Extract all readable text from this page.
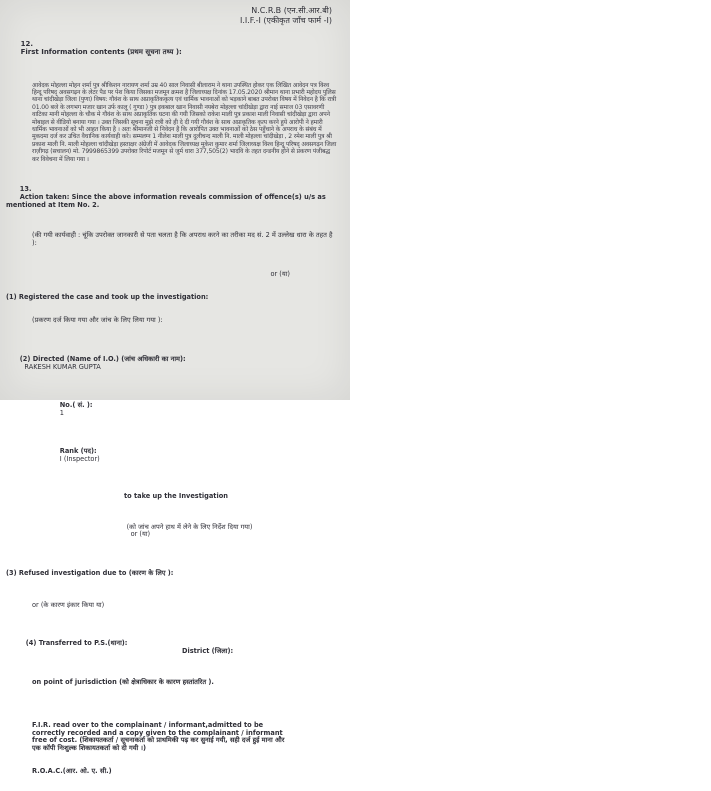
N.C.R.B (एन.सी.आर.बी)
I.I.F.-I (एकीकृत जाँच फार्म -I)

12.
First Information contents (प्रथम सूचना तथ्य ):

आवेदक मोहल्ला मोहन शर्मा पुत्र श्रीकिशन नारायण शर्मा उम्र 40 साल निवासी बीलाराम ने थाना उपस्थित होकर एक लिखित आवेदन पत्र विश्व हिन्दू परिषद् अवसगढ़न के लेटर पैड पर पेश किया जिसका मजमून क्रमश है जिलाध्यक्ष दिनांक 17.05.2020 श्रीमान थाना प्रभारी महोदय पुलिस थाना चांदीखेड़ा जिला (पुणा) विषय: गौवंश के साथ अप्राकृतिककृत्य एवं धार्मिक भावनाओं को भड़काने बाबत उपरोक्त विषय में निवेदन है कि रात्री 01.00 बजे के लगभग मजार खान उर्फ कालू ( गुण्डा ) पुत्र इकबाल खान निवासी नयबेरा मोहल्ला चांदीखेड़ा द्वारा नाई समाज 03 एसावरणी वाटिका मानी मोहल्ला के चौक मे गौवंश के साथ अप्राकृतिक घटना की गयी जिसको राकेश माली पुत्र प्रकाश माली निवासी चांदीखेड़ा द्वारा अपने मोबाइल से वीडियो बनाया गया । उक्त जिसकी सूचना मुझे रात्री को ही दे दी गयी गौवंश के साथ अप्राकृतिक कृत्य करने हुये आरोपी ने हमारी धार्मिक भावनाओं को भी आहत किया है । अतः श्रीमानजी से निवेदन है कि आरोपित उक्त भावनाओं को ठेस पहुँचाने के अपराध के संबंध में मुकदमा दर्ज कर उचित वैधानिक कार्यवाही करे। सम्मलग्न 1 नीलेश माली पुत्र दुलीचन्द माली नि. माली मोहल्ला चांदीखेड़ा , 2 रमेश माली पुत्र श्री प्रकाश माली नि. माली मोहल्ला चांदीखेड़ा हस्ताक्षर अंग्रेजी में आवेदक जिलाध्यक्ष मुकेश कुमार शर्मा जिलाध्यक्ष विश्व हिन्दू परिषद् अवसगढ़न जिला राज़ीगढ़ (सचालन) मो. 7999865399 उपरोक्त रिपोर्ट मजमून से जुर्म धारा 377,505(2) भादवि के तहत दन्डनीय होने से प्रकरण पंजीबद्ध कर विवेचना में लिया गया ।

13.
Action taken: Since the above information reveals commission of offence(s) u/s as mentioned at Item No. 2.

(की गयी कार्यवाही : चूंकि उपरोक्त जानकारी से पता चलता है कि अपराध करने का तरीका मद सं. 2 में उल्लेख धारा के तहत है ):

or (या)

(1) Registered the case and took up the investigation:

(प्रकरण दर्ज किया गया और जांच के लिए लिया गया ):

(2) Directed (Name of I.O.) (जांच अधिकारी का नाम):
RAKESH KUMAR GUPTA

No.( सं. ):
1

Rank (पद):
I (Inspector)

to take up the Investigation

(को जांच अपने हाथ में लेने के लिए निर्देश दिया गया)
or (या)

(3) Refused investigation due to (कारण के लिए ):

or (के कारण इंकार किया या)

(4) Transferred to P.S.(थाना):

District (जिला):

on point of jurisdiction (को क्षेत्राधिकार के कारण हस्तांतरित ).

F.I.R. read over to the complainant / informant,admitted to be correctly recorded and a copy given to the complainant / informant free of cost. (शिकायतकर्ता / सूचनाकर्ता को प्राथमिकी पढ़ कर सुनाई गयी, सही दर्ज हुई माना और एक कॉपी निःशुल्क शिकायतकर्ता को दी गयी ।)

R.O.A.C.(आर. ओ. ए. सी.)
